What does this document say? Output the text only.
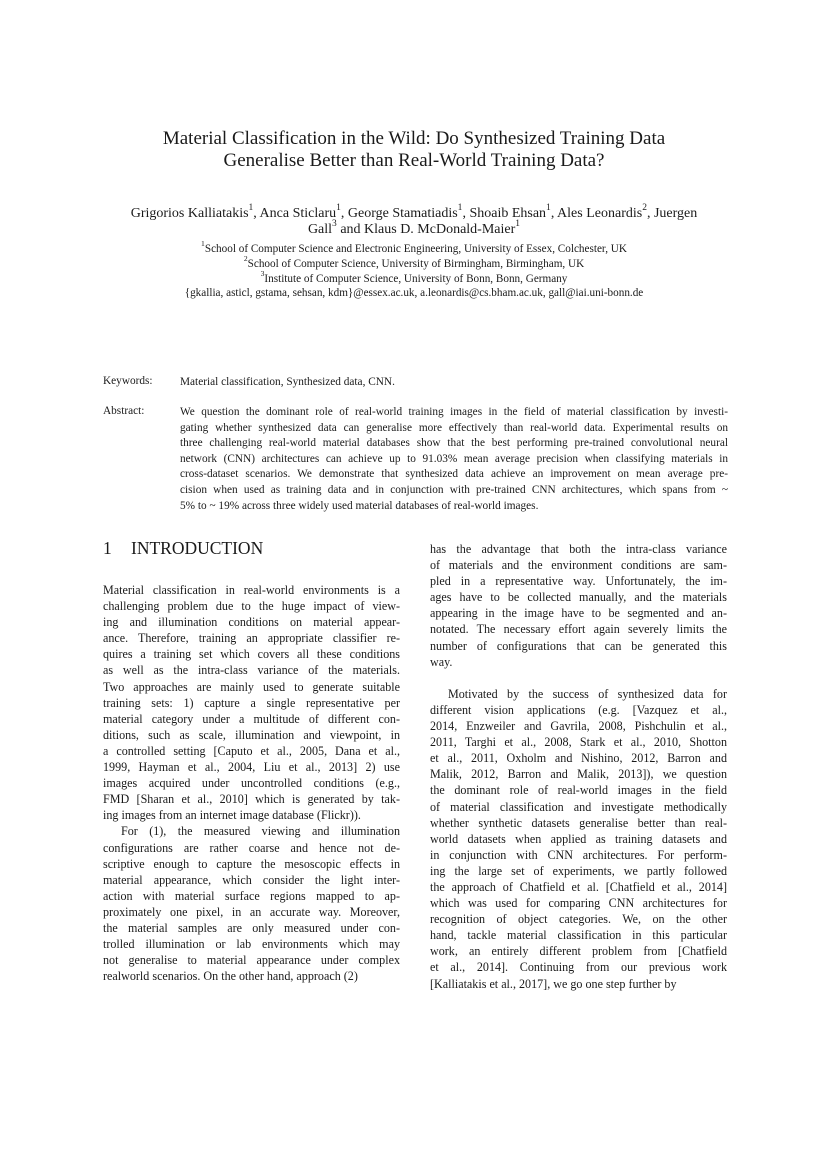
Material Classification in the Wild: Do Synthesized Training Data
Generalise Better than Real-World Training Data?
Grigorios Kalliatakis$^1$, Anca Sticlaru$^1$, George Stamatiadis$^1$, Shoaib Ehsan$^1$, Ales Leonardis$^2$, Juergen
Gall$^3$ and Klaus D. McDonald-Maier$^1$
$^1$School of Computer Science and Electronic Engineering, University of Essex, Colchester, UK
$^2$School of Computer Science, University of Birmingham, Birmingham, UK
$^3$Institute of Computer Science, University of Bonn, Bonn, Germany
{gkallia, asticl, gstama, sehsan, kdm}@essex.ac.uk, a.leonardis@cs.bham.ac.uk, gall@iai.uni-bonn.de
Keywords: Material classification, Synthesized data, CNN.
Abstract:	We question the dominant role of real-world training images in the field of material classification by investi-
gating whether synthesized data can generalise more effectively than real-world data. Experimental results on
three challenging real-world material databases show that the best performing pre-trained convolutional neural
network (CNN) architectures can achieve up to 91.03% mean average precision when classifying materials in
cross-dataset scenarios. We demonstrate that synthesized data achieve an improvement on mean average pre-
cision when used as training data and in conjunction with pre-trained CNN architectures, which spans from ~
5% to ~ 19% across three widely used material databases of real-world images.
1 INTRODUCTION
Material classification in real-world environments is a
challenging problem due to the huge impact of view-
ing and illumination conditions on material appear-
ance. Therefore, training an appropriate classifier re-
quires a training set which covers all these conditions
as well as the intra-class variance of the materials.
Two approaches are mainly used to generate suitable
training sets: 1) capture a single representative per
material category under a multitude of different con-
ditions, such as scale, illumination and viewpoint, in
a controlled setting [Caputo et al., 2005, Dana et al.,
1999, Hayman et al., 2004, Liu et al., 2013] 2) use
images acquired under uncontrolled conditions (e.g.,
FMD [Sharan et al., 2010] which is generated by tak-
ing images from an internet image database (Flickr)).
For (1), the measured viewing and illumination
configurations are rather coarse and hence not de-
scriptive enough to capture the mesoscopic effects in
material appearance, which consider the light inter-
action with material surface regions mapped to ap-
proximately one pixel, in an accurate way. Moreover,
the material samples are only measured under con-
trolled illumination or lab environments which may
not generalise to material appearance under complex
realworld scenarios. On the other hand, approach (2)
has the advantage that both the intra-class variance
of materials and the environment conditions are sam-
pled in a representative way. Unfortunately, the im-
ages have to be collected manually, and the materials
appearing in the image have to be segmented and an-
notated. The necessary effort again severely limits the
number of configurations that can be generated this
way.
Motivated by the success of synthesized data for
different vision applications (e.g. [Vazquez et al.,
2014, Enzweiler and Gavrila, 2008, Pishchulin et al.,
2011, Targhi et al., 2008, Stark et al., 2010, Shotton
et al., 2011, Oxholm and Nishino, 2012, Barron and
Malik, 2012, Barron and Malik, 2013]), we question
the dominant role of real-world images in the field
of material classification and investigate methodically
whether synthetic datasets generalise better than real-
world datasets when applied as training datasets and
in conjunction with CNN architectures. For perform-
ing the large set of experiments, we partly followed
the approach of Chatfield et al. [Chatfield et al., 2014]
which was used for comparing CNN architectures for
recognition of object categories. We, on the other
hand, tackle material classification in this particular
work, an entirely different problem from [Chatfield
et al., 2014]. Continuing from our previous work
[Kalliatakis et al., 2017], we go one step further by
